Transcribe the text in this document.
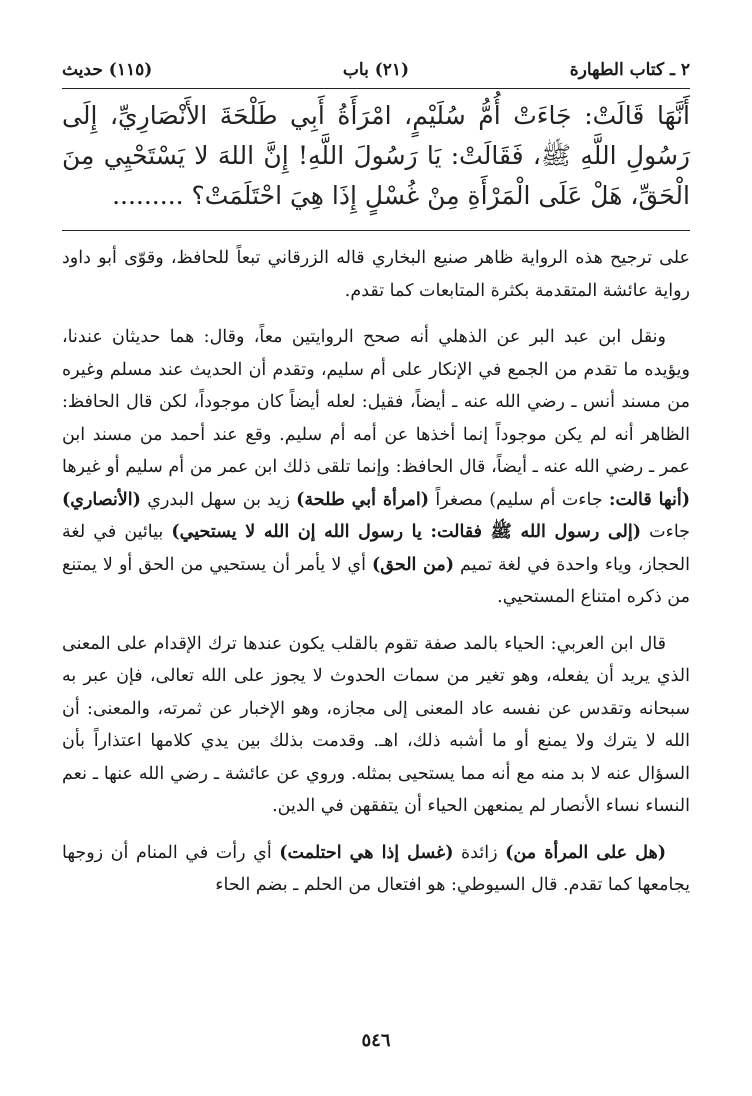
٢ ـ كتاب الطهارة
(٢١) باب
(١١٥) حديث

أَنَّهَا قَالَتْ: جَاءَتْ أُمُّ سُلَيْمٍ، امْرَأَةُ أَبِي طَلْحَةَ الأَنْصَارِيِّ، إِلَى رَسُولِ اللَّهِ ﷺ، فَقَالَتْ: يَا رَسُولَ اللَّهِ! إِنَّ اللهَ لا يَسْتَحْيِي مِنَ الْحَقِّ، هَلْ عَلَى الْمَرْأَةِ مِنْ غُسْلٍ إِذَا هِيَ احْتَلَمَتْ؟ .........

على ترجيح هذه الرواية ظاهر صنيع البخاري قاله الزرقاني تبعاً للحافظ، وقوّى أبو داود رواية عائشة المتقدمة بكثرة المتابعات كما تقدم.

ونقل ابن عبد البر عن الذهلي أنه صحح الروايتين معاً، وقال: هما حديثان عندنا، ويؤيده ما تقدم من الجمع في الإنكار على أم سليم، وتقدم أن الحديث عند مسلم وغيره من مسند أنس ـ رضي الله عنه ـ أيضاً، فقيل: لعله أيضاً كان موجوداً، لكن قال الحافظ: الظاهر أنه لم يكن موجوداً إنما أخذها عن أمه أم سليم. وقع عند أحمد من مسند ابن عمر ـ رضي الله عنه ـ أيضاً، قال الحافظ: وإنما تلقى ذلك ابن عمر من أم سليم أو غيرها (أنها قالت: جاءت أم سليم) مصغراً (امرأة أبي طلحة) زيد بن سهل البدري (الأنصاري) جاءت (إلى رسول الله ﷺ فقالت: يا رسول الله إن الله لا يستحيي) بيائين في لغة الحجاز، وياء واحدة في لغة تميم (من الحق) أي لا يأمر أن يستحيي من الحق أو لا يمتنع من ذكره امتناع المستحيي.

قال ابن العربي: الحياء بالمد صفة تقوم بالقلب يكون عندها ترك الإقدام على المعنى الذي يريد أن يفعله، وهو تغير من سمات الحدوث لا يجوز على الله تعالى، فإن عبر به سبحانه وتقدس عن نفسه عاد المعنى إلى مجازه، وهو الإخبار عن ثمرته، والمعنى: أن الله لا يترك ولا يمنع أو ما أشبه ذلك، اهـ. وقدمت بذلك بين يدي كلامها اعتذاراً بأن السؤال عنه لا بد منه مع أنه مما يستحيى بمثله. وروي عن عائشة ـ رضي الله عنها ـ نعم النساء نساء الأنصار لم يمنعهن الحياء أن يتفقهن في الدين.

(هل على المرأة من) زائدة (غسل إذا هي احتلمت) أي رأت في المنام أن زوجها يجامعها كما تقدم. قال السيوطي: هو افتعال من الحلم ـ بضم الحاء

٥٤٦
